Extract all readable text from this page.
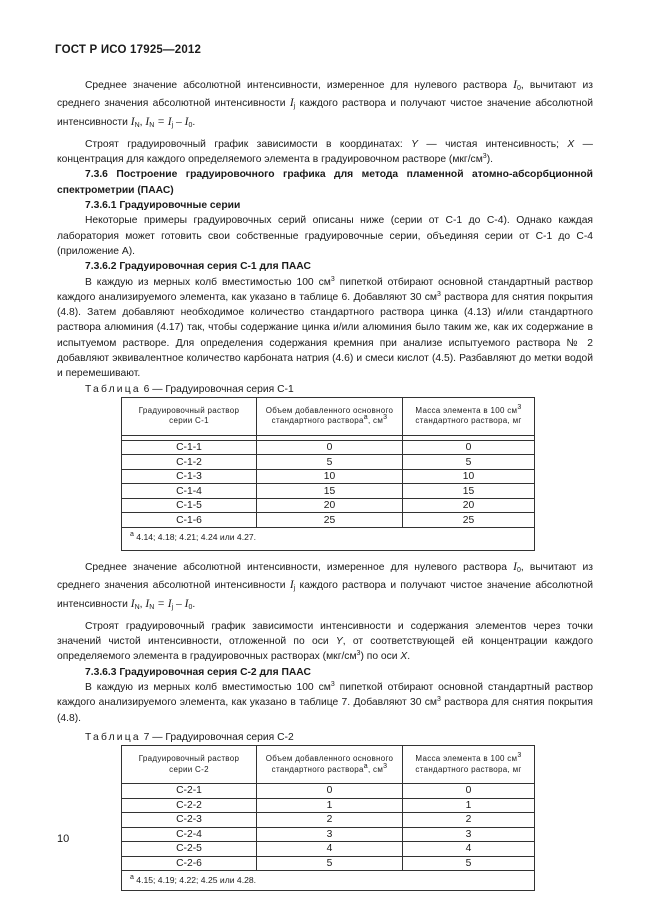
ГОСТ Р ИСО 17925—2012

Среднее значение абсолютной интенсивности, измеренное для нулевого раствора $I_0$, вычитают из среднего значения абсолютной интенсивности $I_j$ каждого раствора и получают чистое значение абсолютной интенсивности $I_N$, $I_N = I_j - I_0$.

Строят градуировочный график зависимости в координатах: Y — чистая интенсивность; X — концентрация для каждого определяемого элемента в градуировочном растворе $(мкг/см^3)$.

7.3.6 Построение градуировочного графика для метода пламенной атомно-абсорбционной спектрометрии (ПААС)

7.3.6.1 Градуировочные серии

Некоторые примеры градуировочных серий описаны ниже (серии от С-1 до С-4). Однако каждая лаборатория может готовить свои собственные градуировочные серии, объединяя серии от С-1 до С-4 (приложение А).

7.3.6.2 Градуировочная серия С-1 для ПААС

В каждую из мерных колб вместимостью 100 $см^3$ пипеткой отбирают основной стандартный раствор каждого анализируемого элемента, как указано в таблице 6. Добавляют 30 $см^3$ раствора для снятия покрытия (4.8). Затем добавляют необходимое количество стандартного раствора цинка (4.13) и/или стандартного раствора алюминия (4.17) так, чтобы содержание цинка и/или алюминия было таким же, как их содержание в испытуемом растворе. Для определения содержания кремния при анализе испытуемого раствора № 2 добавляют эквивалентное количество карбоната натрия (4.6) и смеси кислот (4.5). Разбавляют до метки водой и перемешивают.

Таблица 6 — Градуировочная серия С-1

Градуировочный раствор серии С-1	Объем добавленного основного стандартного раствора$^а$, $см^3$	Масса элемента в 100 $см^3$ стандартного раствора, мг

С-1-1	0	0
С-1-2	5	5
С-1-3	10	10
С-1-4	15	15
С-1-5	20	20
С-1-6	25	25
$^а$ 4.14; 4.18; 4.21; 4.24 или 4.27.		

Среднее значение абсолютной интенсивности, измеренное для нулевого раствора $I_0$, вычитают из среднего значения абсолютной интенсивности $I_j$ каждого раствора и получают чистое значение абсолютной интенсивности $I_N$, $I_N = I_j - I_0$.

Строят градуировочный график зависимости интенсивности и содержания элементов через точки значений чистой интенсивности, отложенной по оси Y, от соответствующей ей концентрации каждого определяемого элемента в градуировочных растворах $(мкг/см^3)$ по оси X.

7.3.6.3 Градуировочная серия С-2 для ПААС

В каждую из мерных колб вместимостью 100 $см^3$ пипеткой отбирают основной стандартный раствор каждого анализируемого элемента, как указано в таблице 7. Добавляют 30 $см^3$ раствора для снятия покрытия (4.8).

Таблица 7 — Градуировочная серия С-2

Градуировочный раствор серии С-2	Объем добавленного основного стандартного раствора$^а$, $см^3$	Масса элемента в 100 $см^3$ стандартного раствора, мг
С-2-1	0	0
С-2-2	1	1
С-2-3	2	2
С-2-4	3	3
С-2-5	4	4
С-2-6	5	5
$^а$ 4.15; 4.19; 4.22; 4.25 или 4.28.		
10
